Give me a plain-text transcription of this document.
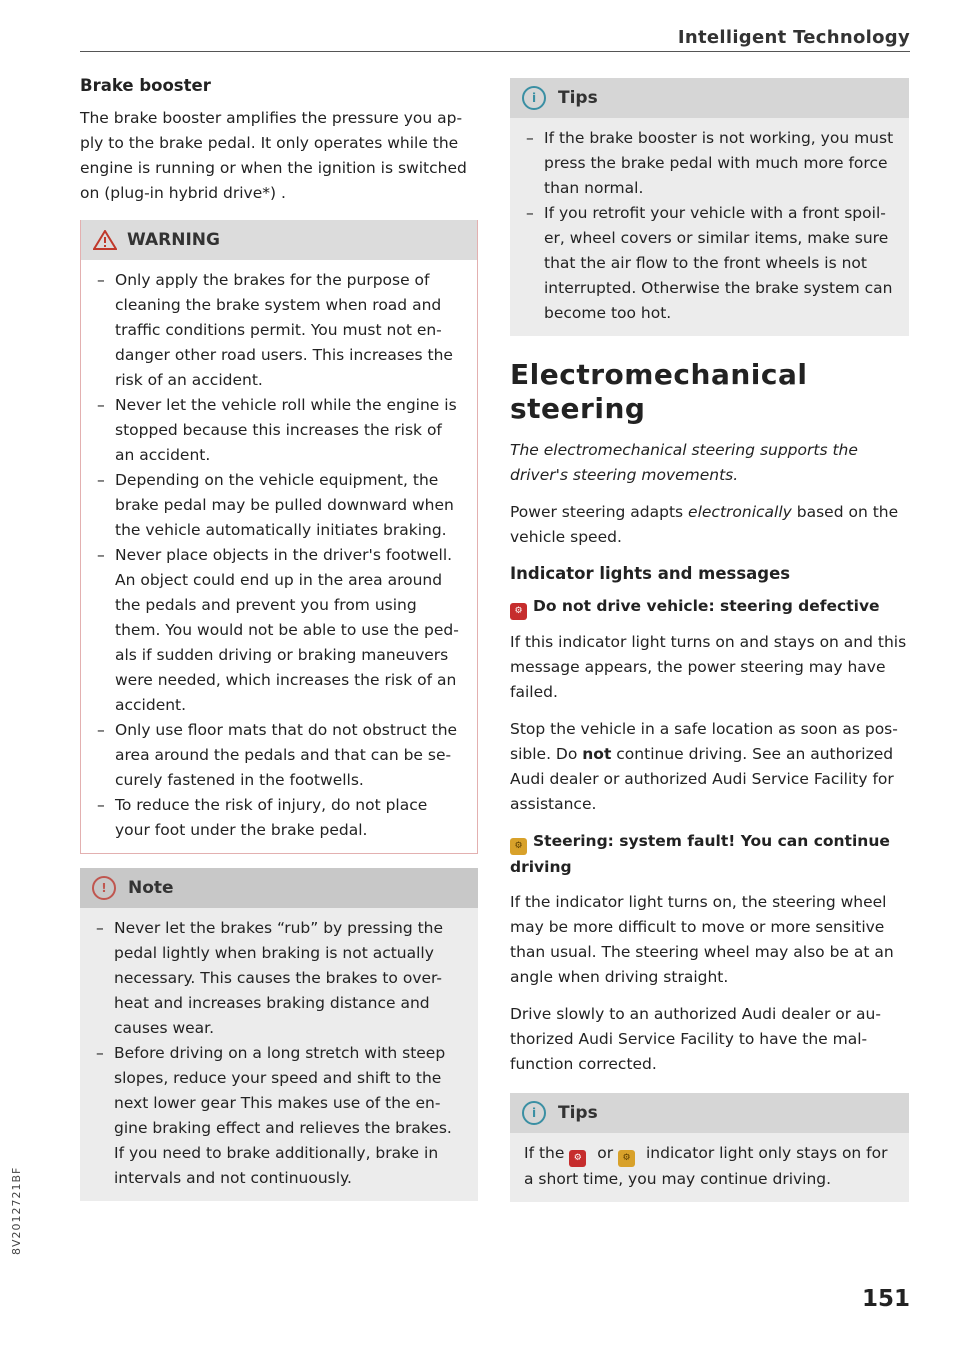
Intelligent Technology
Brake booster

The brake booster amplifies the pressure you ap-ply to the brake pedal. It only operates while the engine is running or when the ignition is switched on (plug-in hybrid drive*) .

WARNING
– Only apply the brakes for the purpose of cleaning the brake system when road and traffic conditions permit. You must not en-danger other road users. This increases the risk of an accident.
– Never let the vehicle roll while the engine is stopped because this increases the risk of an accident.
– Depending on the vehicle equipment, the brake pedal may be pulled downward when the vehicle automatically initiates braking.
– Never place objects in the driver's footwell. An object could end up in the area around the pedals and prevent you from using them. You would not be able to use the ped-als if sudden driving or braking maneuvers were needed, which increases the risk of an accident.
– Only use floor mats that do not obstruct the area around the pedals and that can be se-curely fastened in the footwells.
– To reduce the risk of injury, do not place your foot under the brake pedal.
!	Note
– Never let the brakes “rub” by pressing the pedal lightly when braking is not actually necessary. This causes the brakes to over-heat and increases braking distance and causes wear.
– Before driving on a long stretch with steep slopes, reduce your speed and shift to the next lower gear This makes use of the en-gine braking effect and relieves the brakes. If you need to brake additionally, brake in intervals and not continuously.
i	Tips
– If the brake booster is not working, you must press the brake pedal with much more force than normal.
– If you retrofit your vehicle with a front spoil-er, wheel covers or similar items, make sure that the air flow to the front wheels is not interrupted. Otherwise the brake system can become too hot.
Electromechanical steering

The electromechanical steering supports the driver's steering movements.

Power steering adapts electronically based on the vehicle speed.

Indicator lights and messages
⚙ Do not drive vehicle: steering defective

If this indicator light turns on and stays on and this message appears, the power steering may have failed.

Stop the vehicle in a safe location as soon as pos-sible. Do not continue driving. See an authorized Audi dealer or authorized Audi Service Facility for assistance.

⚙ Steering: system fault! You can continue driving

If the indicator light turns on, the steering wheel may be more difficult to move or more sensitive than usual. The steering wheel may also be at an angle when driving straight.

Drive slowly to an authorized Audi dealer or au-thorized Audi Service Facility to have the mal-function corrected.

i	Tips

If the ⚙ or ⚙ indicator light only stays on for a short time, you may continue driving.

8V2012721BF
151
